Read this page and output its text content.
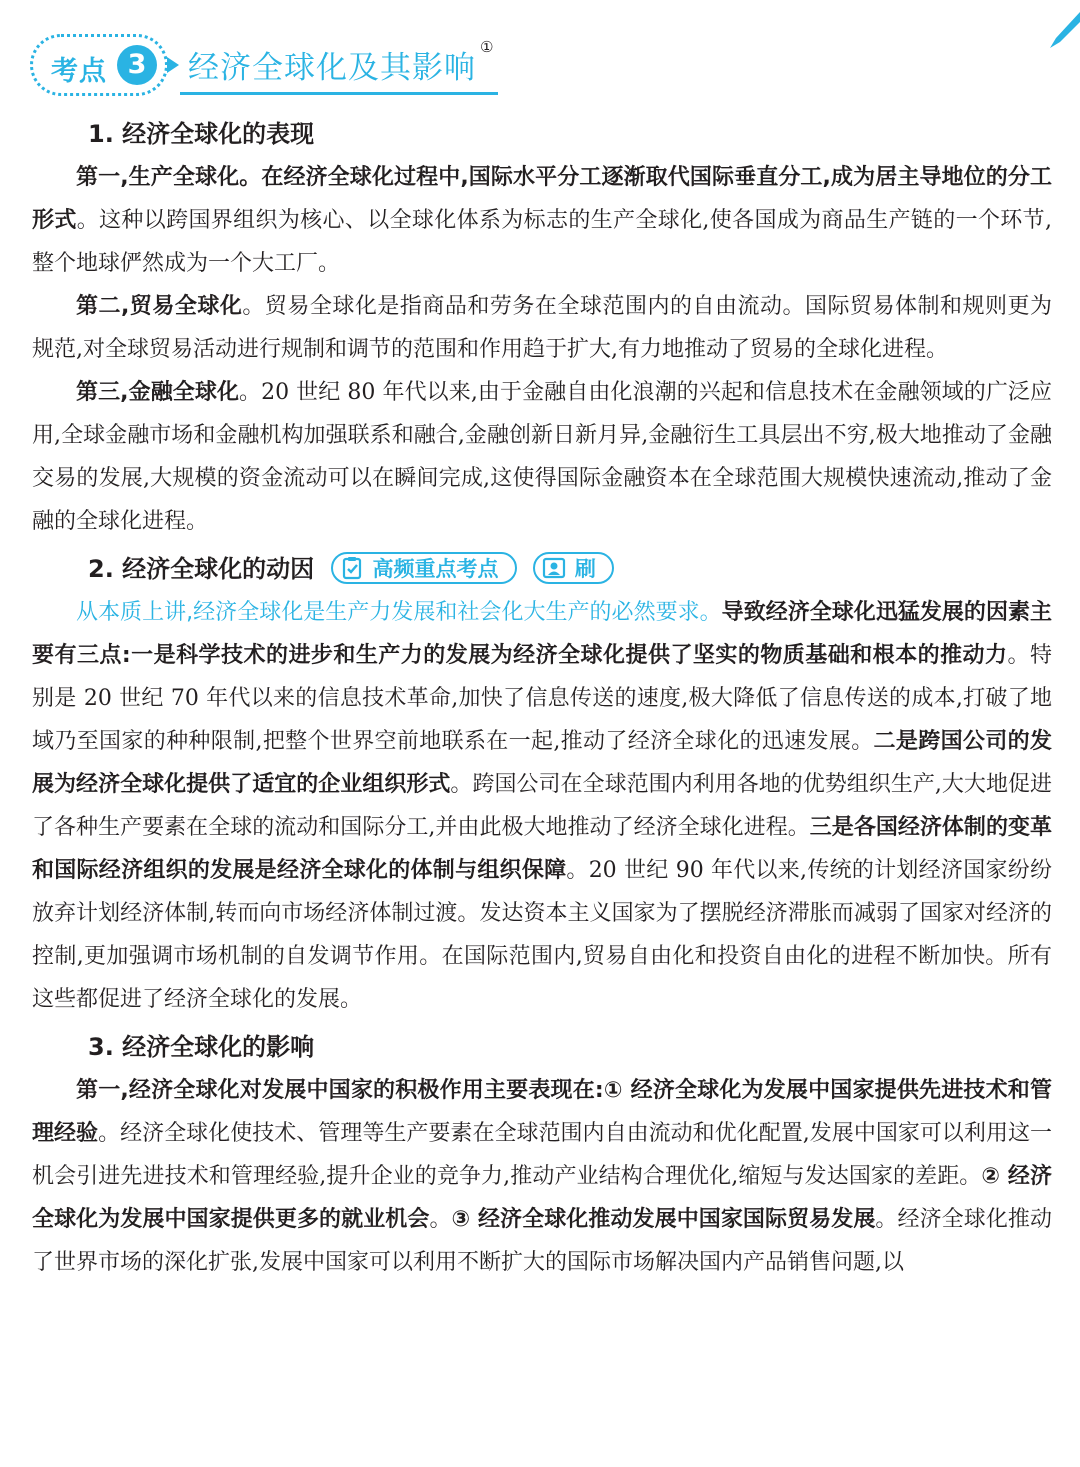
考点 3	经济全球化及其影响①
1. 经济全球化的表现

第一,生产全球化。在经济全球化过程中,国际水平分工逐渐取代国际垂直分工,成为居主导地位的分工形式。这种以跨国界组织为核心、以全球化体系为标志的生产全球化,使各国成为商品生产链的一个环节,整个地球俨然成为一个大工厂。

第二,贸易全球化。贸易全球化是指商品和劳务在全球范围内的自由流动。国际贸易体制和规则更为规范,对全球贸易活动进行规制和调节的范围和作用趋于扩大,有力地推动了贸易的全球化进程。

第三,金融全球化。20 世纪 80 年代以来,由于金融自由化浪潮的兴起和信息技术在金融领域的广泛应用,全球金融市场和金融机构加强联系和融合,金融创新日新月异,金融衍生工具层出不穷,极大地推动了金融交易的发展,大规模的资金流动可以在瞬间完成,这使得国际金融资本在全球范围大规模快速流动,推动了金融的全球化进程。

2. 经济全球化的动因	高频重点考点	刷

从本质上讲,经济全球化是生产力发展和社会化大生产的必然要求。导致经济全球化迅猛发展的因素主要有三点:一是科学技术的进步和生产力的发展为经济全球化提供了坚实的物质基础和根本的推动力。特别是 20 世纪 70 年代以来的信息技术革命,加快了信息传送的速度,极大降低了信息传送的成本,打破了地域乃至国家的种种限制,把整个世界空前地联系在一起,推动了经济全球化的迅速发展。二是跨国公司的发展为经济全球化提供了适宜的企业组织形式。跨国公司在全球范围内利用各地的优势组织生产,大大地促进了各种生产要素在全球的流动和国际分工,并由此极大地推动了经济全球化进程。三是各国经济体制的变革和国际经济组织的发展是经济全球化的体制与组织保障。20 世纪 90 年代以来,传统的计划经济国家纷纷放弃计划经济体制,转而向市场经济体制过渡。发达资本主义国家为了摆脱经济滞胀而减弱了国家对经济的控制,更加强调市场机制的自发调节作用。在国际范围内,贸易自由化和投资自由化的进程不断加快。所有这些都促进了经济全球化的发展。

3. 经济全球化的影响

第一,经济全球化对发展中国家的积极作用主要表现在:① 经济全球化为发展中国家提供先进技术和管理经验。经济全球化使技术、管理等生产要素在全球范围内自由流动和优化配置,发展中国家可以利用这一机会引进先进技术和管理经验,提升企业的竞争力,推动产业结构合理优化,缩短与发达国家的差距。② 经济全球化为发展中国家提供更多的就业机会。③ 经济全球化推动发展中国家国际贸易发展。经济全球化推动了世界市场的深化扩张,发展中国家可以利用不断扩大的国际市场解决国内产品销售问题,以
